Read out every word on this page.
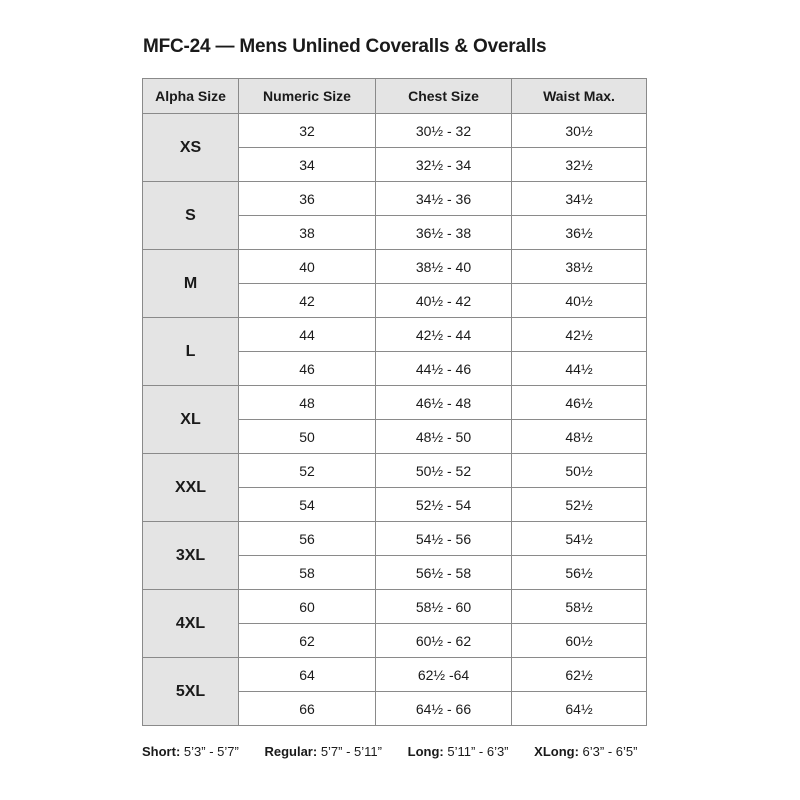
MFC-24 — Mens Unlined Coveralls & Overalls
Alpha Size	Numeric Size	Chest Size	Waist Max.
XS	32	30½ - 32	30½
	34	32½ - 34	32½
S	36	34½ - 36	34½
	38	36½ - 38	36½
M	40	38½ - 40	38½
	42	40½ - 42	40½
L	44	42½ - 44	42½
	46	44½ - 46	44½
XL	48	46½ - 48	46½
	50	48½ - 50	48½
XXL	52	50½ - 52	50½
	54	52½ - 54	52½
3XL	56	54½ - 56	54½
	58	56½ - 58	56½
4XL	60	58½ - 60	58½
	62	60½ - 62	60½
5XL	64	62½ -64	62½
	66	64½ - 66	64½
Short: 5’3” - 5’7” Regular: 5’7” - 5’11” Long: 5’11” - 6’3” XLong: 6’3” - 6’5”
